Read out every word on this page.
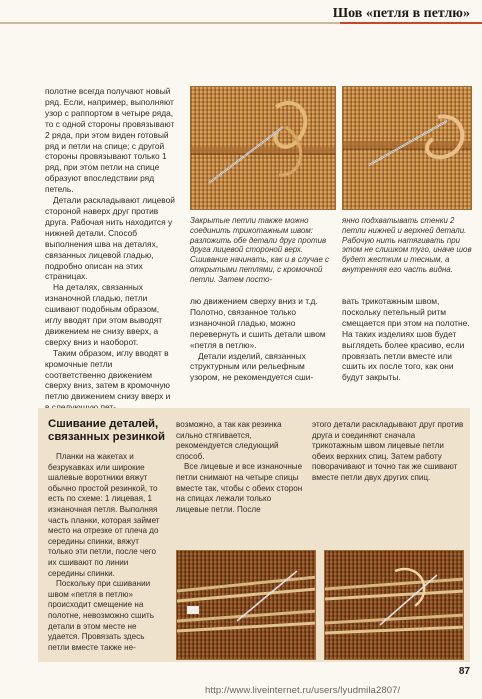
Шов «петля в петлю»

полотне всегда получают новый ряд. Если, например, выполняют узор с раппортом в четыре ряда, то с одной стороны провязывают 2 ряда, при этом виден готовый ряд и петли на спице; с другой стороны провязывают только 1 ряд, при этом петли на спице образуют впоследствии ряд петель.

Детали раскладывают лицевой стороной наверх друг против друга. Рабочая нить находится у нижней детали. Способ выполнения шва на деталях, связанных лицевой гладью, подробно описан на этих страницах.

На деталях, связанных изнаночной гладью, петли сшивают подобным образом, иглу вводят при этом выводят движением не снизу вверх, а сверху вниз и наоборот.

Таким образом, иглу вводят в кромочные петли соответственно движением сверху вниз, затем в кромочную петлю движением снизу вверх и

Закрытые петли также можно соединить трикотажным швом: разложить обе детали друг против друга лицевой стороной верх. Сшивание начинать, как и в случае с открытыми петлями, с кромочной петли. Затем посто-
янно подхватывать стенки 2 петли нижней и верхней детали. Рабочую нить натягивать при этом не слишком туго, иначе шов будет жестким и тесным, а внутренняя его часть видна.

лю движением сверху вниз и т.д. Полотно, связанное только изнаночной гладью, можно перевернуть и сшить детали швом «петля в петлю».

Детали изделий, связанных структурным или рельефным узором, не рекомендуется сши-

вать трикотажным швом, поскольку петельный ритм смещается при этом на полотне. На таких изделиях шов будет выглядеть более красиво, если провязать петли вместе или сшить их после того, как они будут закрыты.

Сшивание деталей, связанных резинкой

Планки на жакетах и безрукавках или широкие шалевые воротники вяжут обычно простой резинкой, то есть по схеме: 1 лицевая, 1 изнаночная петля. Выполняя часть планки, которая займет место на отрезке от плеча до середины спинки, вяжут только эти петли, после чего их сшивают по линии середины спинки.

Поскольку при сшивании швом «петля в петлю» происходит смещение на полотне, невозможно сшить детали в этом месте не удается. Провязать здесь петли вместе также не-

возможно, а так как резинка сильно стягивается, рекомендуется следующий способ.

Все лицевые и все изнаночные петли снимают на четыре спицы вместе так, чтобы с обеих сторон на спицах лежали только лицевые петли. После

этого детали раскладывают друг против друга и соединяют сначала трикотажным швом лицевые петли обеих верхних спиц. Затем работу поворачивают и точно так же сшивают вместе петли двух других спиц.

87
http://www.liveinternet.ru/users/lyudmila2807/
